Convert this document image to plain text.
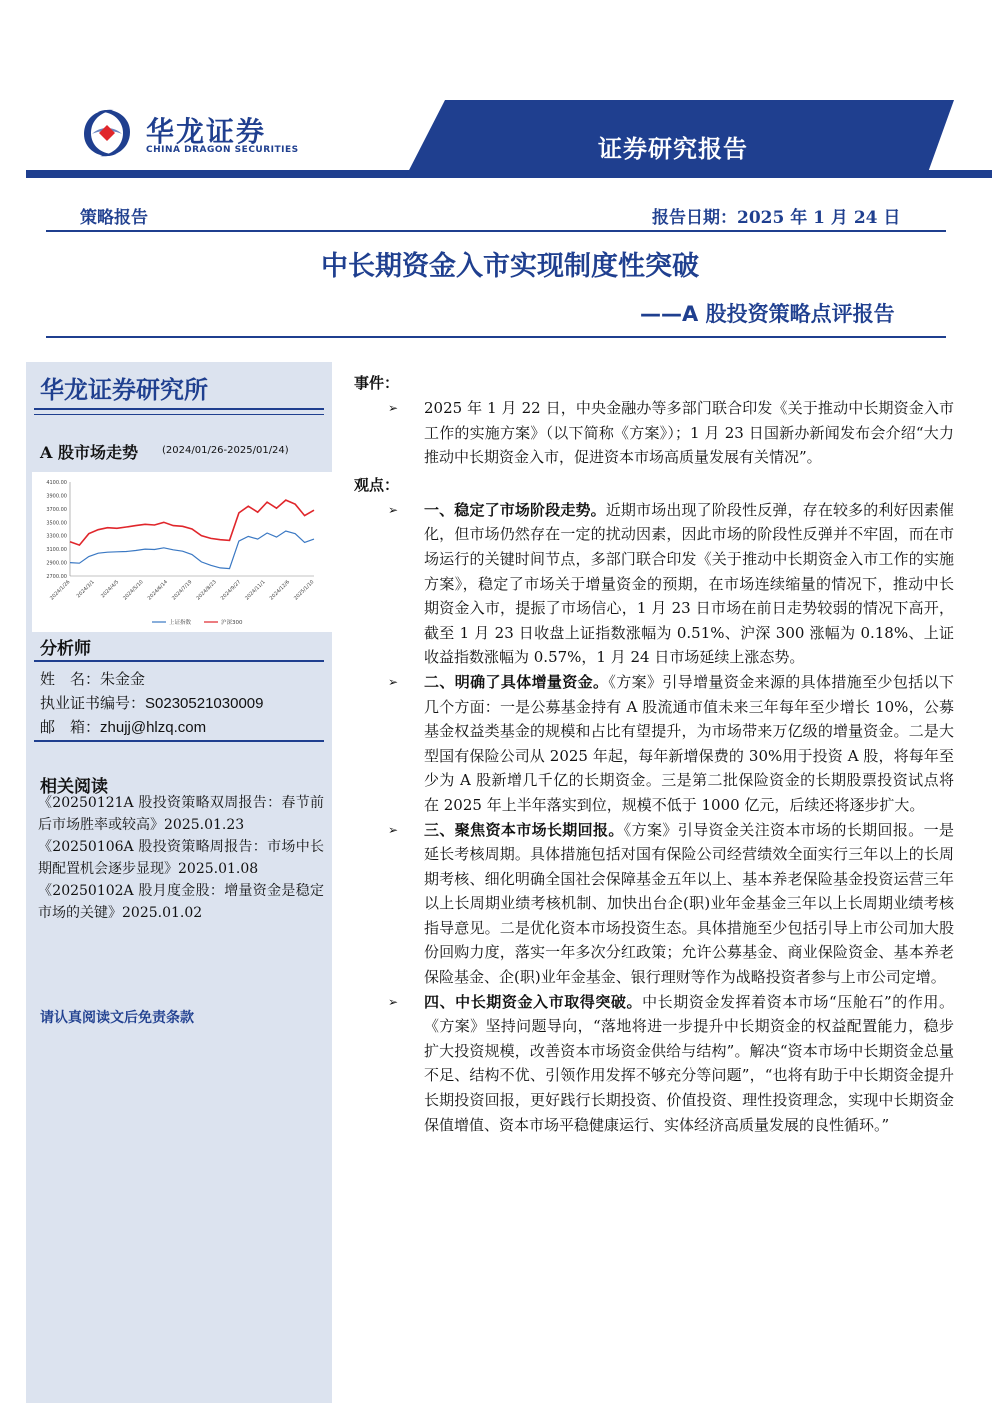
证券研究报告
华龙证券
CHINA DRAGON SECURITIES
策略报告	报告日期：2025 年 1 月 24 日
中长期资金入市实现制度性突破
——A 股投资策略点评报告
华龙证券研究所
A 股市场走势 (2024/01/26-2025/01/24)
4100.00
3900.00
3700.00
3500.00
3300.00
3100.00
2900.00
2700.00
2024/1/26 2024/3/1 2024/4/5 2024/5/10 2024/6/14 2024/7/19 2024/8/23 2024/9/27 2024/11/1 2024/12/6 2025/1/10
上证指数	沪深300
分析师
姓　名：朱金金
执业证书编号：S0230521030009
邮　箱：zhujj@hlzq.com
相关阅读
《20250121A 股投资策略双周报告：春节前后市场胜率或较高》2025.01.23
《20250106A 股投资策略周报告：市场中长期配置机会逐步显现》2025.01.08
《20250102A 股月度金股：增量资金是稳定市场的关键》2025.01.02
请认真阅读文后免责条款
事件：
➢ 2025 年 1 月 22 日，中央金融办等多部门联合印发《关于推动中长期资金入市工作的实施方案》（以下简称《方案》）；1 月 23 日国新办新闻发布会介绍“大力推动中长期资金入市，促进资本市场高质量发展有关情况”。
观点：
➢ 一、稳定了市场阶段走势。近期市场出现了阶段性反弹，存在较多的利好因素催化，但市场仍然存在一定的扰动因素，因此市场的阶段性反弹并不牢固，而在市场运行的关键时间节点，多部门联合印发《关于推动中长期资金入市工作的实施方案》，稳定了市场关于增量资金的预期，在市场连续缩量的情况下，推动中长期资金入市，提振了市场信心，1 月 23 日市场在前日走势较弱的情况下高开，截至 1 月 23 日收盘上证指数涨幅为 0.51%、沪深 300 涨幅为 0.18%、上证收益指数涨幅为 0.57%，1 月 24 日市场延续上涨态势。
➢ 二、明确了具体增量资金。《方案》引导增量资金来源的具体措施至少包括以下几个方面：一是公募基金持有 A 股流通市值未来三年每年至少增长 10%，公募基金权益类基金的规模和占比有望提升，为市场带来万亿级的增量资金。二是大型国有保险公司从 2025 年起，每年新增保费的 30%用于投资 A 股，将每年至少为 A 股新增几千亿的长期资金。三是第二批保险资金的长期股票投资试点将在 2025 年上半年落实到位，规模不低于 1000 亿元，后续还将逐步扩大。
➢ 三、聚焦资本市场长期回报。《方案》引导资金关注资本市场的长期回报。一是延长考核周期。具体措施包括对国有保险公司经营绩效全面实行三年以上的长周期考核、细化明确全国社会保障基金五年以上、基本养老保险基金投资运营三年以上长周期业绩考核机制、加快出台企(职)业年金基金三年以上长周期业绩考核指导意见。二是优化资本市场投资生态。具体措施至少包括引导上市公司加大股份回购力度，落实一年多次分红政策；允许公募基金、商业保险资金、基本养老保险基金、企(职)业年金基金、银行理财等作为战略投资者参与上市公司定增。
➢ 四、中长期资金入市取得突破。中长期资金发挥着资本市场“压舱石”的作用。《方案》坚持问题导向，“落地将进一步提升中长期资金的权益配置能力，稳步扩大投资规模，改善资本市场资金供给与结构”。解决“资本市场中长期资金总量不足、结构不优、引领作用发挥不够充分等问题”，“也将有助于中长期资金提升长期投资回报，更好践行长期投资、价值投资、理性投资理念，实现中长期资金保值增值、资本市场平稳健康运行、实体经济高质量发展的良性循环。”
